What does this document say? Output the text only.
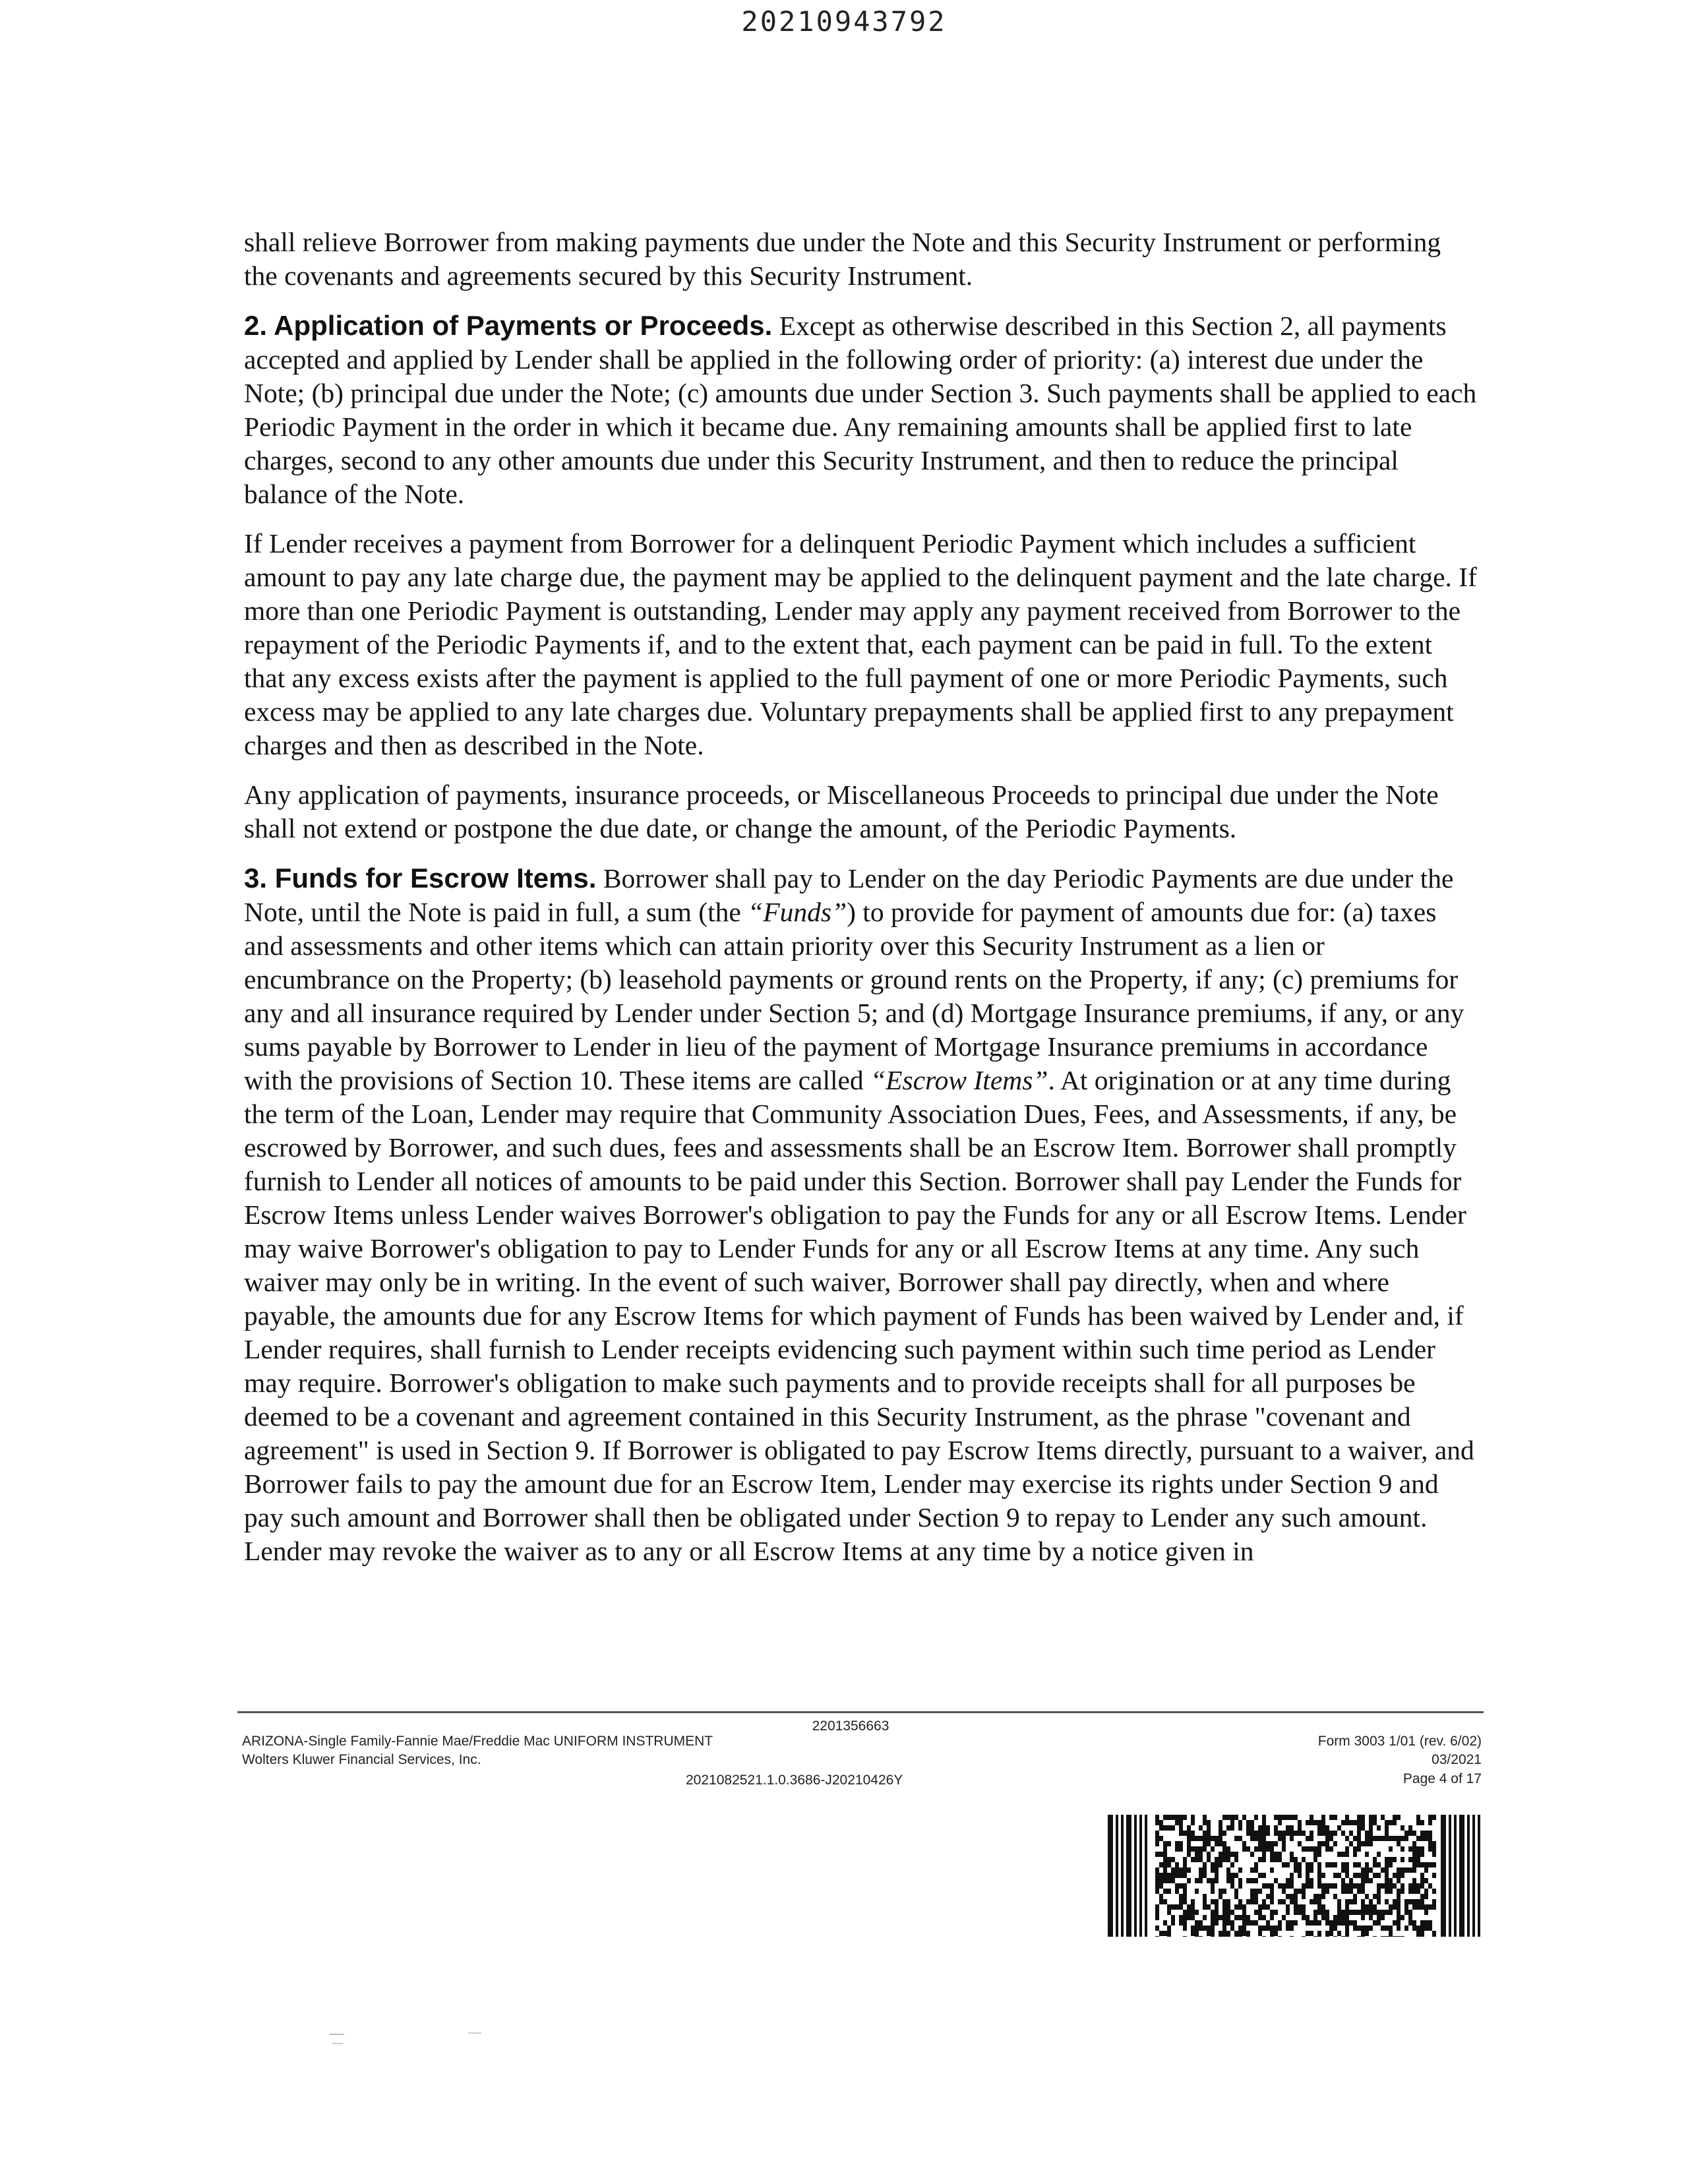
20210943792

shall relieve Borrower from making payments due under the Note and this Security Instrument or performing the covenants and agreements secured by this Security Instrument.

2. Application of Payments or Proceeds. Except as otherwise described in this Section 2, all payments accepted and applied by Lender shall be applied in the following order of priority: (a) interest due under the Note; (b) principal due under the Note; (c) amounts due under Section 3. Such payments shall be applied to each Periodic Payment in the order in which it became due. Any remaining amounts shall be applied first to late charges, second to any other amounts due under this Security Instrument, and then to reduce the principal balance of the Note.

If Lender receives a payment from Borrower for a delinquent Periodic Payment which includes a sufficient amount to pay any late charge due, the payment may be applied to the delinquent payment and the late charge. If more than one Periodic Payment is outstanding, Lender may apply any payment received from Borrower to the repayment of the Periodic Payments if, and to the extent that, each payment can be paid in full. To the extent that any excess exists after the payment is applied to the full payment of one or more Periodic Payments, such excess may be applied to any late charges due. Voluntary prepayments shall be applied first to any prepayment charges and then as described in the Note.

Any application of payments, insurance proceeds, or Miscellaneous Proceeds to principal due under the Note shall not extend or postpone the due date, or change the amount, of the Periodic Payments.

3. Funds for Escrow Items. Borrower shall pay to Lender on the day Periodic Payments are due under the Note, until the Note is paid in full, a sum (the “Funds”) to provide for payment of amounts due for: (a) taxes and assessments and other items which can attain priority over this Security Instrument as a lien or encumbrance on the Property; (b) leasehold payments or ground rents on the Property, if any; (c) premiums for any and all insurance required by Lender under Section 5; and (d) Mortgage Insurance premiums, if any, or any sums payable by Borrower to Lender in lieu of the payment of Mortgage Insurance premiums in accordance with the provisions of Section 10. These items are called “Escrow Items”. At origination or at any time during the term of the Loan, Lender may require that Community Association Dues, Fees, and Assessments, if any, be escrowed by Borrower, and such dues, fees and assessments shall be an Escrow Item. Borrower shall promptly furnish to Lender all notices of amounts to be paid under this Section. Borrower shall pay Lender the Funds for Escrow Items unless Lender waives Borrower's obligation to pay the Funds for any or all Escrow Items. Lender may waive Borrower's obligation to pay to Lender Funds for any or all Escrow Items at any time. Any such waiver may only be in writing. In the event of such waiver, Borrower shall pay directly, when and where payable, the amounts due for any Escrow Items for which payment of Funds has been waived by Lender and, if Lender requires, shall furnish to Lender receipts evidencing such payment within such time period as Lender may require. Borrower's obligation to make such payments and to provide receipts shall for all purposes be deemed to be a covenant and agreement contained in this Security Instrument, as the phrase "covenant and agreement" is used in Section 9. If Borrower is obligated to pay Escrow Items directly, pursuant to a waiver, and Borrower fails to pay the amount due for an Escrow Item, Lender may exercise its rights under Section 9 and pay such amount and Borrower shall then be obligated under Section 9 to repay to Lender any such amount. Lender may revoke the waiver as to any or all Escrow Items at any time by a notice given in

2201356663
ARIZONA-Single Family-Fannie Mae/Freddie Mac UNIFORM INSTRUMENT
Wolters Kluwer Financial Services, Inc.
2021082521.1.0.3686-J20210426Y
Form 3003 1/01 (rev. 6/02)
03/2021
Page 4 of 17
